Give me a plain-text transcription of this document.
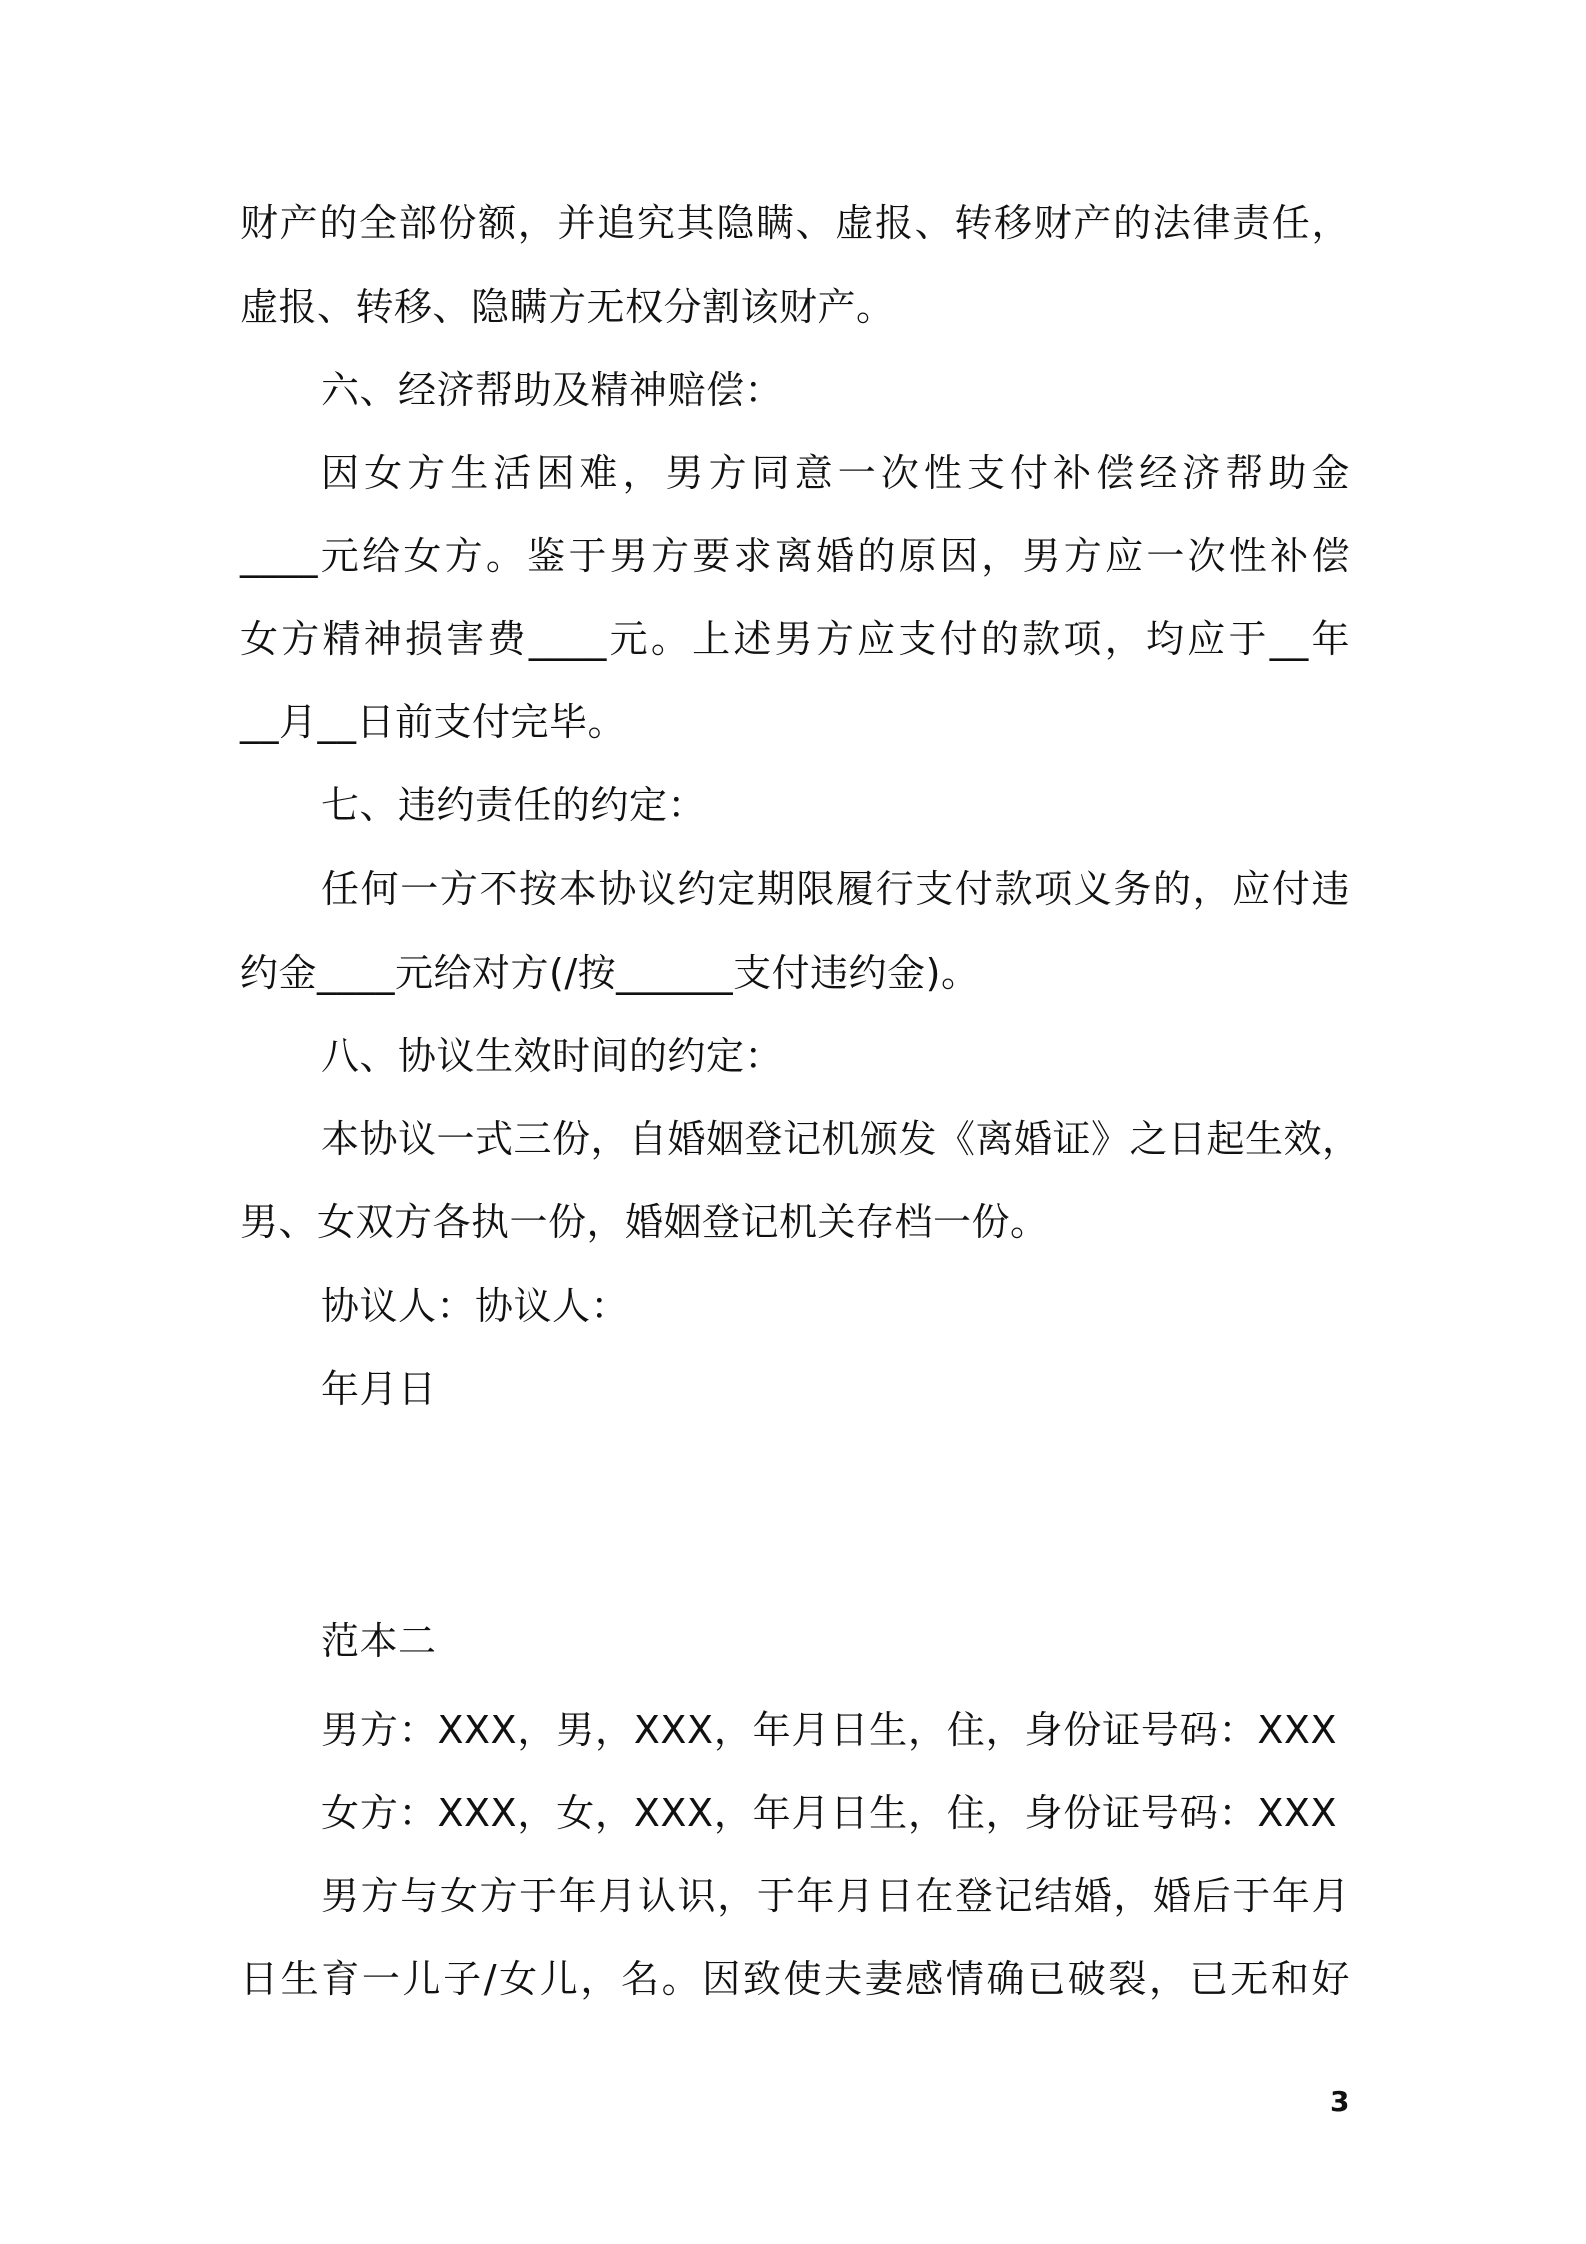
财产的全部份额，并追究其隐瞒、虚报、转移财产的法律责任，
虚报、转移、隐瞒方无权分割该财产。
六、经济帮助及精神赔偿：
因女方生活困难，男方同意一次性支付补偿经济帮助金
____元给女方。鉴于男方要求离婚的原因，男方应一次性补偿
女方精神损害费____元。上述男方应支付的款项，均应于__年
__月__日前支付完毕。
七、违约责任的约定：
任何一方不按本协议约定期限履行支付款项义务的，应付违
约金____元给对方(/按______支付违约金)。
八、协议生效时间的约定：
本协议一式三份，自婚姻登记机颁发《离婚证》之日起生效，
男、女双方各执一份，婚姻登记机关存档一份。
协议人：协议人：
年月日
范本二
男方：XXX，男，XXX，年月日生，住，身份证号码：XXX
女方：XXX，女，XXX，年月日生，住，身份证号码：XXX
男方与女方于年月认识，于年月日在登记结婚，婚后于年月
日生育一儿子/女儿，名。因致使夫妻感情确已破裂，已无和好
3
